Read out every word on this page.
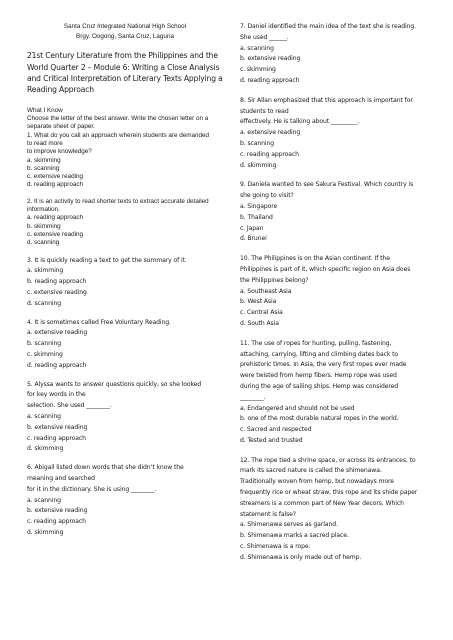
Santa Cruz Integrated National High School
Brgy. Oogong, Santa Cruz, Laguna
21st Century Literature from the Philippines and the
World Quarter 2 – Module 6: Writing a Close Analysis
and Critical Interpretation of Literary Texts Applying a
Reading Approach
What I Know
Choose the letter of the best answer. Write the chosen letter on a
separate sheet of paper.
1. What do you call an approach wherein students are demanded
to read more
to improve knowledge?
a. skimming
b. scanning
c. extensive reading
d. reading approach
2. It is an activity to read shorter texts to extract accurate detailed
information.
a. reading approach
b. skimming
c. extensive reading
d. scanning
3. It is quickly reading a text to get the summary of it.
a. skimming
b. reading approach
c. extensive reading
d. scanning
4. It is sometimes called Free Voluntary Reading.
a. extensive reading
b. scanning
c. skimming
d. reading approach
5. Alyssa wants to answer questions quickly, so she looked
for key words in the
selection. She used ________.
a. scanning
b. extensive reading
c. reading approach
d. skimming
6. Abigail listed down words that she didn’t know the
meaning and searched
for it in the dictionary. She is using ________.
a. scanning
b. extensive reading
c. reading approach
d. skimming
7. Daniel identified the main idea of the text she is reading.
She used ______.
a. scanning
b. extensive reading
c. skimming
d. reading approach
8. Sir Allan emphasized that this approach is important for
students to read
effectively. He is talking about _________.
a. extensive reading
b. scanning
c. reading approach
d. skimming
9. Daniela wanted to see Sakura Festival. Which country is
she going to visit?
a. Singapore
b. Thailand
c. Japan
d. Brunei
10. The Philippines is on the Asian continent. If the
Philippines is part of it, which specific region on Asia does
the Philippines belong?
a. Southeast Asia
b. West Asia
c. Central Asia
d. South Asia
11. The use of ropes for hunting, pulling, fastening,
attaching, carrying, lifting and climbing dates back to
prehistoric times. In Asia, the very first ropes ever made
were twisted from hemp fibers. Hemp rope was used
during the age of sailing ships. Hemp was considered
________.
a. Endangered and should not be used
b. one of the most durable natural ropes in the world.
c. Sacred and respected
d. Tested and trusted
12. The rope tied a shrine space, or across its entrances, to
mark its sacred nature is called the shimenawa.
Traditionally woven from hemp, but nowadays more
frequently rice or wheat straw, this rope and its shide paper
streamers is a common part of New Year decors. Which
statement is false?
a. Shimenawa serves as garland.
b. Shimenawa marks a sacred place.
c. Shimenawa is a rope.
d. Shimenawa is only made out of hemp.
